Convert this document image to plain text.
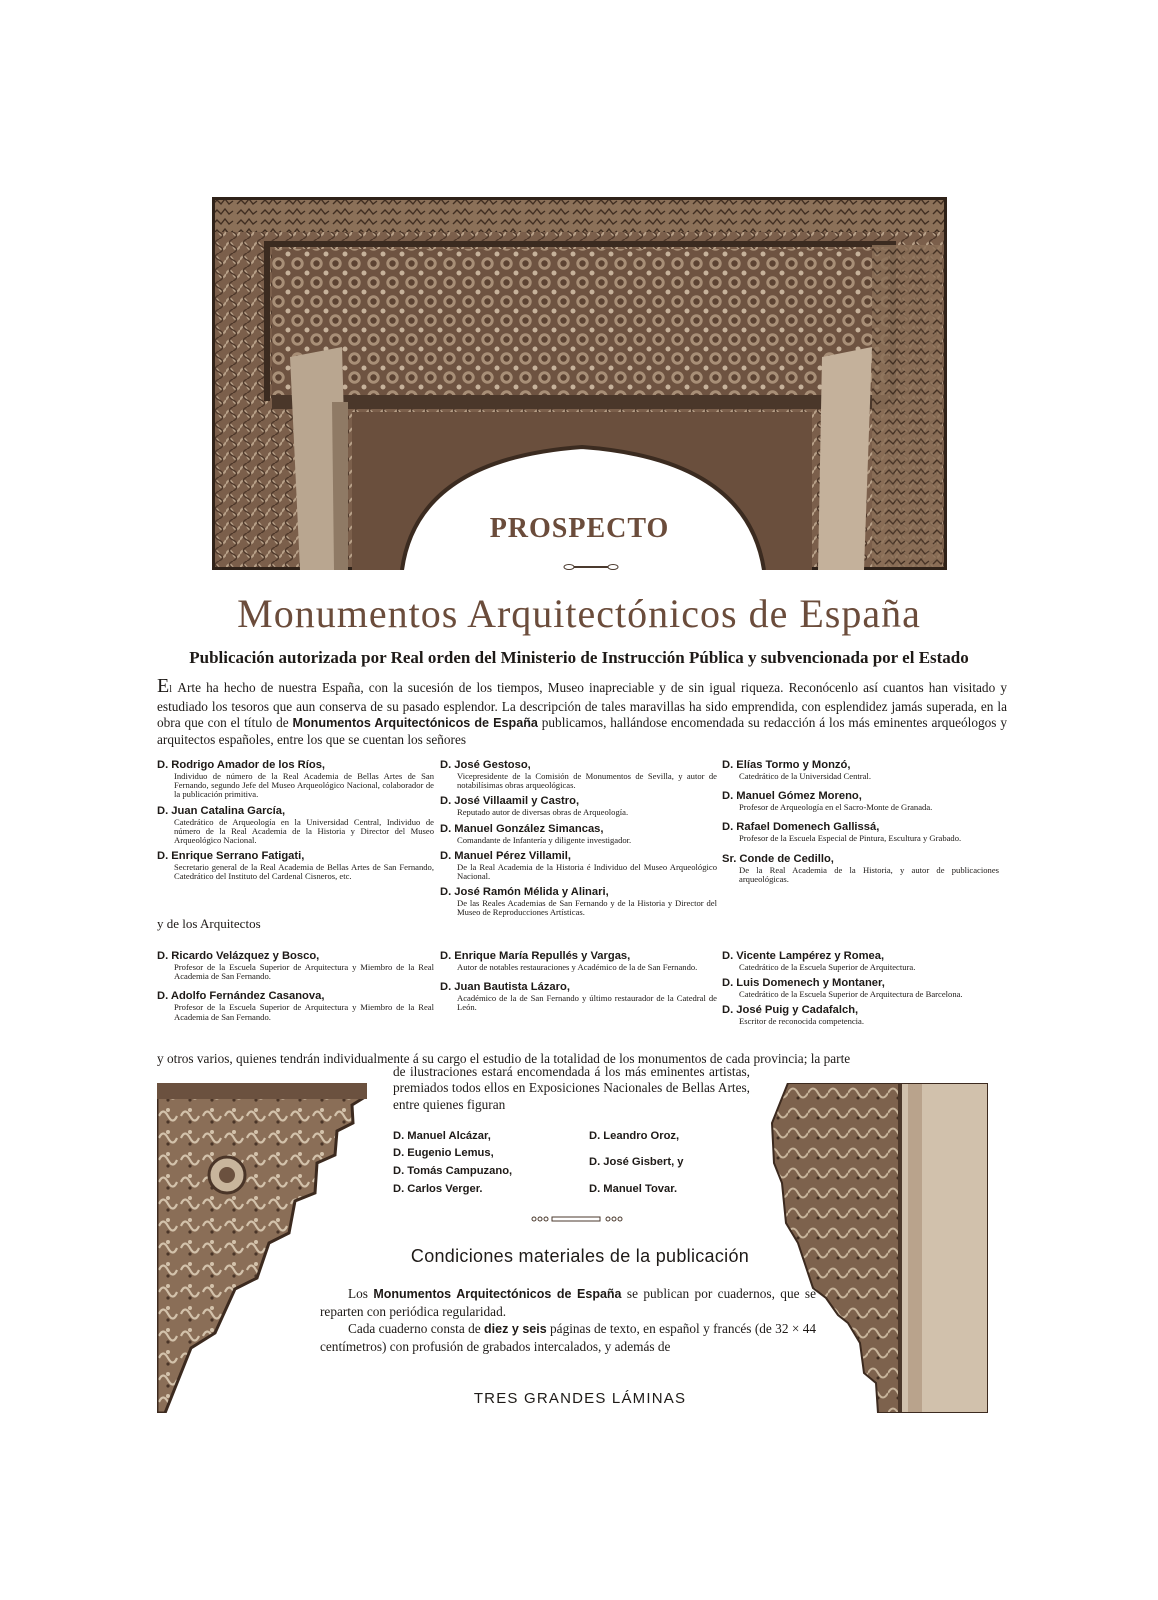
PROSPECTO
Monumentos Arquitectónicos de España
Publicación autorizada por Real orden del Ministerio de Instrucción Pública y subvencionada por el Estado
El Arte ha hecho de nuestra España, con la sucesión de los tiempos, Museo inapreciable y de sin igual riqueza. Reconócenlo así cuantos han visitado y estudiado los tesoros que aun conserva de su pasado esplendor. La descripción de tales maravillas ha sido emprendida, con esplendidez jamás superada, en la obra que con el título de Monumentos Arquitectónicos de España publicamos, hallándose encomendada su redacción á los más eminentes arqueólogos y arquitectos españoles, entre los que se cuentan los señores
D. Rodrigo Amador de los Ríos,
Individuo de número de la Real Academia de Bellas Artes de San Fernando, segundo Jefe del Museo Arqueológico Nacional, colaborador de la publicación primitiva.
D. Juan Catalina García,
Catedrático de Arqueología en la Universidad Central, Individuo de número de la Real Academia de la Historia y Director del Museo Arqueológico Nacional.
D. Enrique Serrano Fatigati,
Secretario general de la Real Academia de Bellas Artes de San Fernando, Catedrático del Instituto del Cardenal Cisneros, etc.
D. José Gestoso,
Vicepresidente de la Comisión de Monumentos de Sevilla, y autor de notabilísimas obras arqueológicas.
D. José Villaamil y Castro,
Reputado autor de diversas obras de Arqueología.
D. Manuel González Simancas,
Comandante de Infantería y diligente investigador.
D. Manuel Pérez Villamil,
De la Real Academia de la Historia é Individuo del Museo Arqueológico Nacional.
D. José Ramón Mélida y Alinari,
De las Reales Academias de San Fernando y de la Historia y Director del Museo de Reproducciones Artísticas.
D. Elías Tormo y Monzó,
Catedrático de la Universidad Central.
D. Manuel Gómez Moreno,
Profesor de Arqueología en el Sacro-Monte de Granada.
D. Rafael Domenech Gallissá,
Profesor de la Escuela Especial de Pintura, Escultura y Grabado.
Sr. Conde de Cedillo,
De la Real Academia de la Historia, y autor de publicaciones arqueológicas.
y de los Arquitectos
D. Ricardo Velázquez y Bosco,
Profesor de la Escuela Superior de Arquitectura y Miembro de la Real Academia de San Fernando.
D. Adolfo Fernández Casanova,
Profesor de la Escuela Superior de Arquitectura y Miembro de la Real Academia de San Fernando.
D. Enrique María Repullés y Vargas,
Autor de notables restauraciones y Académico de la de San Fernando.
D. Juan Bautista Lázaro,
Académico de la de San Fernando y último restaurador de la Catedral de León.
D. Vicente Lampérez y Romea,
Catedrático de la Escuela Superior de Arquitectura.
D. Luis Domenech y Montaner,
Catedrático de la Escuela Superior de Arquitectura de Barcelona.
D. José Puig y Cadafalch,
Escritor de reconocida competencia.
y otros varios, quienes tendrán individualmente á su cargo el estudio de la totalidad de los monumentos de cada provincia; la parte
de ilustraciones estará encomendada á los más eminentes artistas, premiados todos ellos en Exposiciones Nacionales de Bellas Artes, entre quienes figuran
D. Manuel Alcázar,
D. Eugenio Lemus,
D. Tomás Campuzano,
D. Carlos Verger.
D. Leandro Oroz,
D. José Gisbert, y
D. Manuel Tovar.
Condiciones materiales de la publicación

Los Monumentos Arquitectónicos de España se publican por cuadernos, que se reparten con periódica regularidad.

Cada cuaderno consta de diez y seis páginas de texto, en español y francés (de 32 × 44 centímetros) con profusión de grabados intercalados, y además de

TRES GRANDES LÁMINAS
